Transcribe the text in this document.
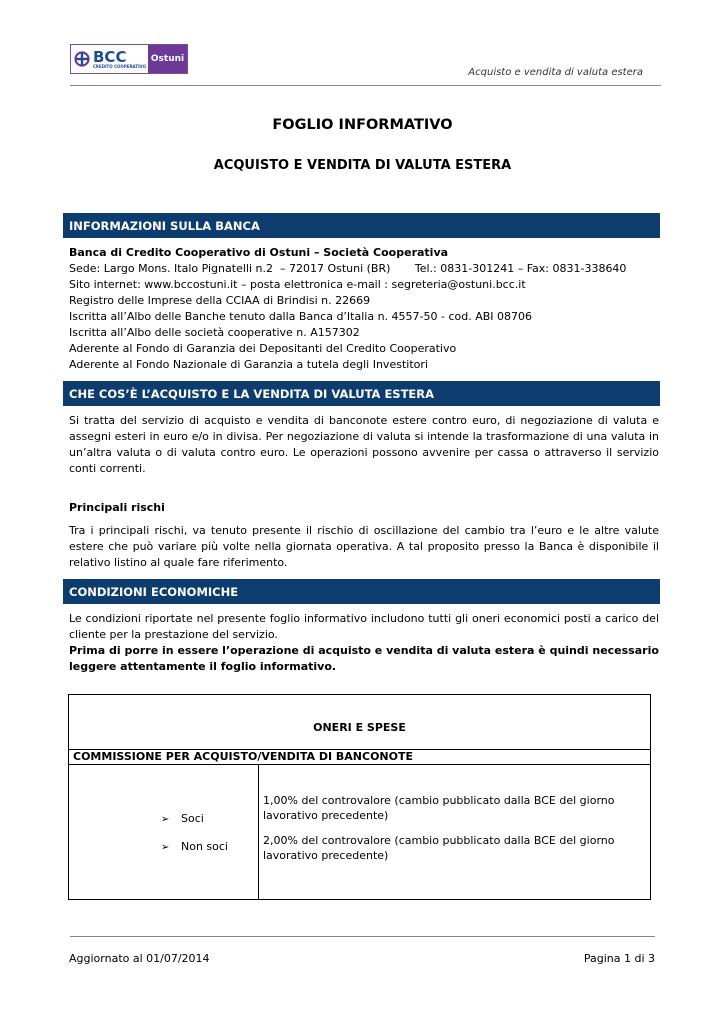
BCC
CREDITO COOPERATIVO
Ostuni
Acquisto e vendita di valuta estera
FOGLIO INFORMATIVO
ACQUISTO E VENDITA DI VALUTA ESTERA
INFORMAZIONI SULLA BANCA

Banca di Credito Cooperativo di Ostuni – Società Cooperativa

Sede: Largo Mons. Italo Pignatelli n.2  – 72017 Ostuni (BR)       Tel.: 0831-301241 – Fax: 0831-338640

Sito internet: www.bccostuni.it – posta elettronica e-mail : segreteria@ostuni.bcc.it

Registro delle Imprese della CCIAA di Brindisi n. 22669

Iscritta all’Albo delle Banche tenuto dalla Banca d’Italia n. 4557-50 - cod. ABI 08706

Iscritta all’Albo delle società cooperative n. A157302

Aderente al Fondo di Garanzia dei Depositanti del Credito Cooperativo

Aderente al Fondo Nazionale di Garanzia a tutela degli Investitori

CHE COS’È L’ACQUISTO E LA VENDITA DI VALUTA ESTERA
Si tratta del servizio di acquisto e vendita di banconote estere contro euro, di negoziazione di valuta e assegni esteri in euro e/o in divisa. Per negoziazione di valuta si intende la trasformazione di una valuta in un’altra valuta o di valuta contro euro. Le operazioni possono avvenire per cassa o attraverso il servizio conti correnti.
Principali rischi
Tra i principali rischi, va tenuto presente il rischio di oscillazione del cambio tra l’euro e le altre valute estere che può variare più volte nella giornata operativa. A tal proposito presso la Banca è disponibile il relativo listino al quale fare riferimento.
CONDIZIONI ECONOMICHE
Le condizioni riportate nel presente foglio informativo includono tutti gli oneri economici posti a carico del cliente per la prestazione del servizio.
Prima di porre in essere l’operazione di acquisto e vendita di valuta estera è quindi necessario leggere attentamente il foglio informativo.
ONERI E SPESE
COMMISSIONE PER ACQUISTO/VENDITA DI BANCONOTE
➢ Soci
➢ Non soci
1,00% del controvalore (cambio pubblicato dalla BCE del giorno lavorativo precedente)
2,00% del controvalore (cambio pubblicato dalla BCE del giorno lavorativo precedente)
Aggiornato al 01/07/2014	Pagina 1 di 3
